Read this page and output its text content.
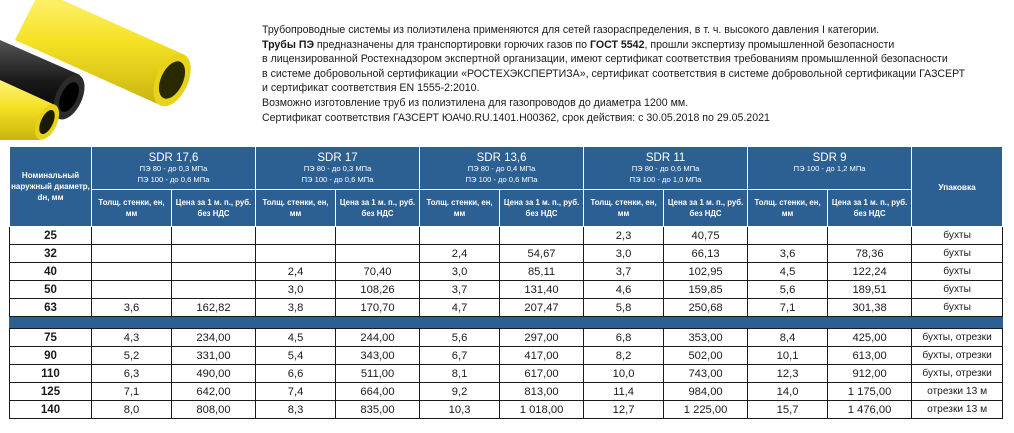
Трубопроводные системы из полиэтилена применяются для сетей газораспределения, в т. ч. высокого давления I категории.

Трубы ПЭ предназначены для транспортировки горючих газов по ГОСТ 5542, прошли экспертизу промышленной безопасности

в лицензированной Ростехнадзором экспертной организации, имеют сертификат соответствия требованиям промышленной безопасности

в системе добровольной сертификации «РОСТЕХЭКСПЕРТИЗА», сертификат соответствия в системе добровольной сертификации ГАЗСЕРТ

и сертификат соответствия EN 1555-2:2010.

Возможно изготовление труб из полиэтилена для газопроводов до диаметра 1200 мм.

Сертификат соответствия ГАЗСЕРТ ЮАЧ0.RU.1401.H00362, срок действия: с 30.05.2018 по 29.05.2021

Номинальный наружный диаметр, dн, мм	SDR 17,6
ПЭ 80 - до 0,3 МПа
ПЭ 100 - до 0,6 МПа		SDR 17
ПЭ 80 - до 0,3 МПа
ПЭ 100 - до 0,6 МПа		SDR 13,6
ПЭ 80 - до 0,4 МПа
ПЭ 100 - до 0,6 МПа		SDR 11
ПЭ 80 - до 0,6 МПа
ПЭ 100 - до 1,0 МПа		SDR 9
ПЭ 100 - до 1,2 МПа		Упаковка
	Толщ. стенки, eн, мм	Цена за 1 м. п., руб. без НДС	Толщ. стенки, eн, мм	Цена за 1 м. п., руб. без НДС	Толщ. стенки, eн, мм	Цена за 1 м. п., руб. без НДС	Толщ. стенки, eн, мм	Цена за 1 м. п., руб. без НДС	Толщ. стенки, eн, мм	Цена за 1 м. п., руб. без НДС	
25							2,3	40,75			бухты
32					2,4	54,67	3,0	66,13	3,6	78,36	бухты
40			2,4	70,40	3,0	85,11	3,7	102,95	4,5	122,24	бухты
50			3,0	108,26	3,7	131,40	4,6	159,85	5,6	189,51	бухты
63	3,6	162,82	3,8	170,70	4,7	207,47	5,8	250,68	7,1	301,38	бухты

75	4,3	234,00	4,5	244,00	5,6	297,00	6,8	353,00	8,4	425,00	бухты, отрезки
90	5,2	331,00	5,4	343,00	6,7	417,00	8,2	502,00	10,1	613,00	бухты, отрезки
110	6,3	490,00	6,6	511,00	8,1	617,00	10,0	743,00	12,3	912,00	бухты, отрезки
125	7,1	642,00	7,4	664,00	9,2	813,00	11,4	984,00	14,0	1 175,00	отрезки 13 м
140	8,0	808,00	8,3	835,00	10,3	1 018,00	12,7	1 225,00	15,7	1 476,00	отрезки 13 м
